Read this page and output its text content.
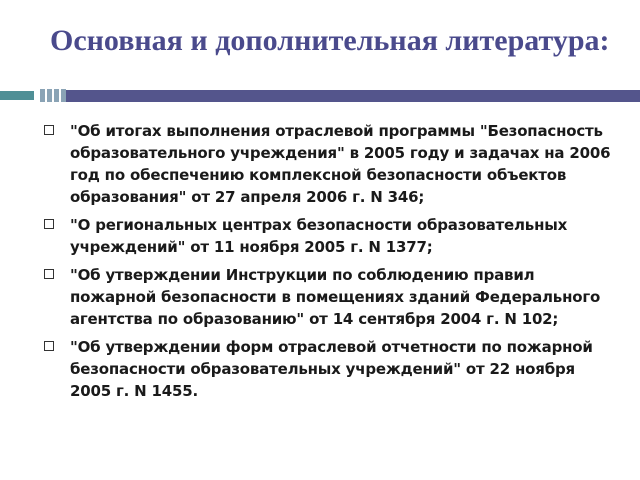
Основная и дополнительная литература:
"Об итогах выполнения отраслевой программы "Безопасность образовательного учреждения" в 2005 году и задачах на 2006 год по обеспечению комплексной безопасности объектов образования" от 27 апреля 2006 г. N 346;
"О региональных центрах безопасности образовательных учреждений" от 11 ноября 2005 г. N 1377;
"Об утверждении Инструкции по соблюдению правил пожарной безопасности в помещениях зданий Федерального агентства по образованию" от 14 сентября 2004 г. N 102;
"Об утверждении форм отраслевой отчетности по пожарной безопасности образовательных учреждений" от 22 ноября 2005 г. N 1455.
